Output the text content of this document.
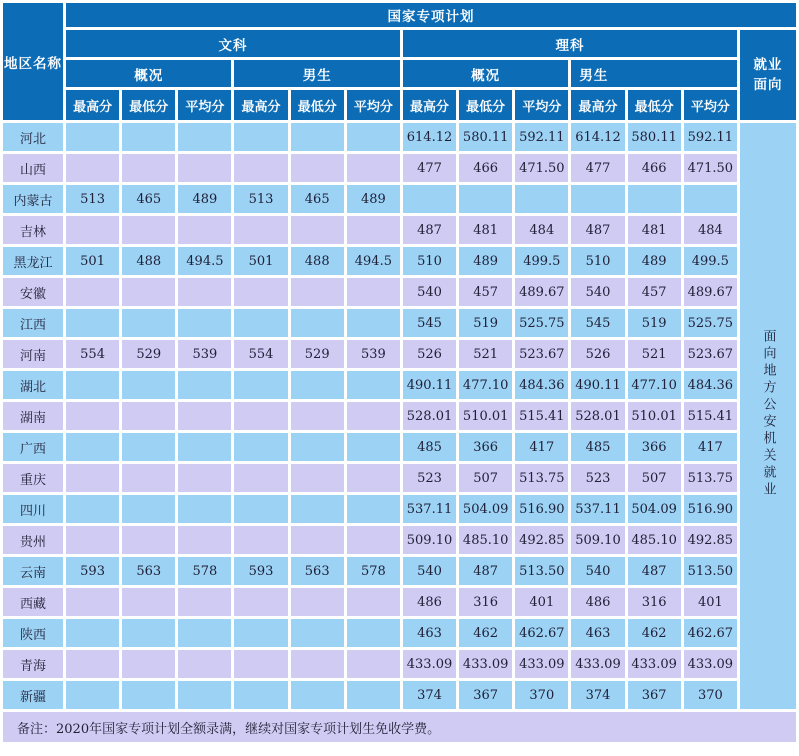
地区名称	国家专项计划												
	文科						理科						就业面向
	概况			男生			概况			男生			
	最高分	最低分	平均分	最高分	最低分	平均分	最高分	最低分	平均分	最高分	最低分	平均分	
河北							614.12	580.11	592.11	614.12	580.11	592.11	面向地方公安机关就业
山西							477	466	471.50	477	466	471.50	
内蒙古	513	465	489	513	465	489							
吉林							487	481	484	487	481	484	
黑龙江	501	488	494.5	501	488	494.5	510	489	499.5	510	489	499.5	
安徽							540	457	489.67	540	457	489.67	
江西							545	519	525.75	545	519	525.75	
河南	554	529	539	554	529	539	526	521	523.67	526	521	523.67	
湖北							490.11	477.10	484.36	490.11	477.10	484.36	
湖南							528.01	510.01	515.41	528.01	510.01	515.41	
广西							485	366	417	485	366	417	
重庆							523	507	513.75	523	507	513.75	
四川							537.11	504.09	516.90	537.11	504.09	516.90	
贵州							509.10	485.10	492.85	509.10	485.10	492.85	
云南	593	563	578	593	563	578	540	487	513.50	540	487	513.50	
西藏							486	316	401	486	316	401	
陕西							463	462	462.67	463	462	462.67	
青海							433.09	433.09	433.09	433.09	433.09	433.09	
新疆							374	367	370	374	367	370	
备注：2020年国家专项计划全额录满，继续对国家专项计划生免收学费。													
